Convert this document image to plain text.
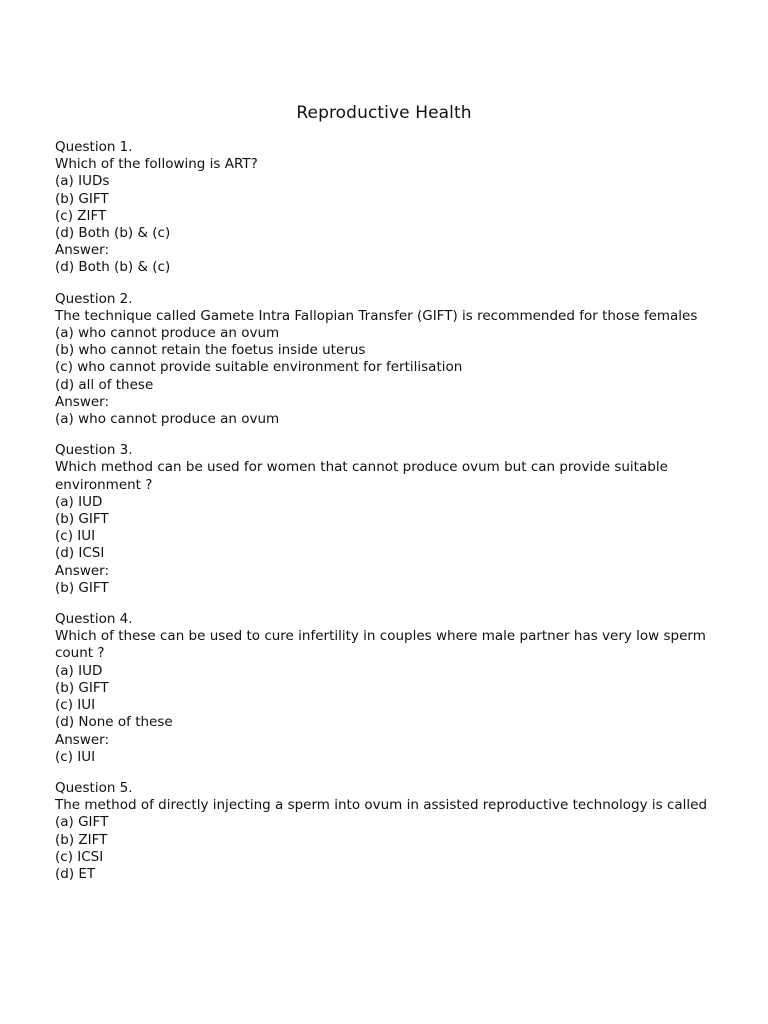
Reproductive Health
Question 1.
Which of the following is ART?
(a) IUDs
(b) GIFT
(c) ZIFT
(d) Both (b) & (c)
Answer:
(d) Both (b) & (c)
Question 2.
The technique called Gamete Intra Fallopian Transfer (GIFT) is recommended for those females
(a) who cannot produce an ovum
(b) who cannot retain the foetus inside uterus
(c) who cannot provide suitable environment for fertilisation
(d) all of these
Answer:
(a) who cannot produce an ovum
Question 3.
Which method can be used for women that cannot produce ovum but can provide suitable environment ?
(a) IUD
(b) GIFT
(c) IUI
(d) ICSI
Answer:
(b) GIFT
Question 4.
Which of these can be used to cure infertility in couples where male partner has very low sperm count ?
(a) IUD
(b) GIFT
(c) IUI
(d) None of these
Answer:
(c) IUI
Question 5.
The method of directly injecting a sperm into ovum in assisted reproductive technology is called
(a) GIFT
(b) ZIFT
(c) ICSI
(d) ET
